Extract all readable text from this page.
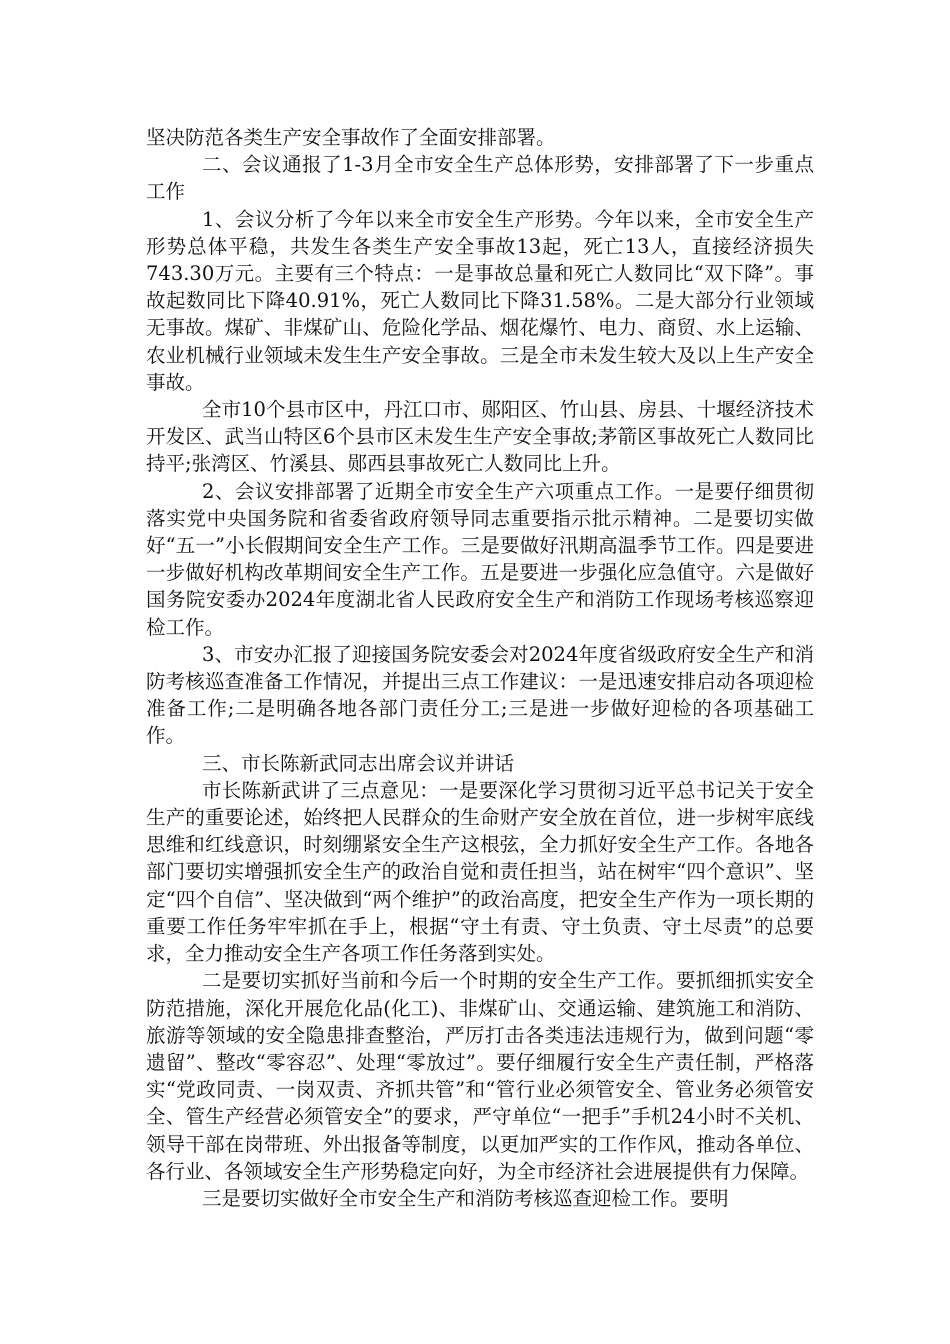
坚决防范各类生产安全事故作了全面安排部署。

二、会议通报了1-3月全市安全生产总体形势，安排部署了下一步重点工作

1、会议分析了今年以来全市安全生产形势。今年以来，全市安全生产形势总体平稳，共发生各类生产安全事故13起，死亡13人，直接经济损失743.30万元。主要有三个特点：一是事故总量和死亡人数同比“双下降”。事故起数同比下降40.91%，死亡人数同比下降31.58%。二是大部分行业领域无事故。煤矿、非煤矿山、危险化学品、烟花爆竹、电力、商贸、水上运输、农业机械行业领域未发生生产安全事故。三是全市未发生较大及以上生产安全事故。

全市10个县市区中，丹江口市、郧阳区、竹山县、房县、十堰经济技术开发区、武当山特区6个县市区未发生生产安全事故;茅箭区事故死亡人数同比持平;张湾区、竹溪县、郧西县事故死亡人数同比上升。

2、会议安排部署了近期全市安全生产六项重点工作。一是要仔细贯彻落实党中央国务院和省委省政府领导同志重要指示批示精神。二是要切实做好“五一”小长假期间安全生产工作。三是要做好汛期高温季节工作。四是要进一步做好机构改革期间安全生产工作。五是要进一步强化应急值守。六是做好国务院安委办2024年度湖北省人民政府安全生产和消防工作现场考核巡察迎检工作。

3、市安办汇报了迎接国务院安委会对2024年度省级政府安全生产和消防考核巡查准备工作情况，并提出三点工作建议：一是迅速安排启动各项迎检准备工作;二是明确各地各部门责任分工;三是进一步做好迎检的各项基础工作。

三、市长陈新武同志出席会议并讲话

市长陈新武讲了三点意见：一是要深化学习贯彻习近平总书记关于安全生产的重要论述，始终把人民群众的生命财产安全放在首位，进一步树牢底线思维和红线意识，时刻绷紧安全生产这根弦，全力抓好安全生产工作。各地各部门要切实增强抓安全生产的政治自觉和责任担当，站在树牢“四个意识”、坚定“四个自信”、坚决做到“两个维护”的政治高度，把安全生产作为一项长期的重要工作任务牢牢抓在手上，根据“守土有责、守土负责、守土尽责”的总要求，全力推动安全生产各项工作任务落到实处。

二是要切实抓好当前和今后一个时期的安全生产工作。要抓细抓实安全防范措施，深化开展危化品(化工)、非煤矿山、交通运输、建筑施工和消防、旅游等领域的安全隐患排查整治，严厉打击各类违法违规行为，做到问题“零遗留”、整改“零容忍”、处理“零放过”。要仔细履行安全生产责任制，严格落实“党政同责、一岗双责、齐抓共管”和“管行业必须管安全、管业务必须管安全、管生产经营必须管安全”的要求，严守单位“一把手”手机24小时不关机、领导干部在岗带班、外出报备等制度，以更加严实的工作作风，推动各单位、各行业、各领域安全生产形势稳定向好，为全市经济社会进展提供有力保障。

三是要切实做好全市安全生产和消防考核巡查迎检工作。要明
